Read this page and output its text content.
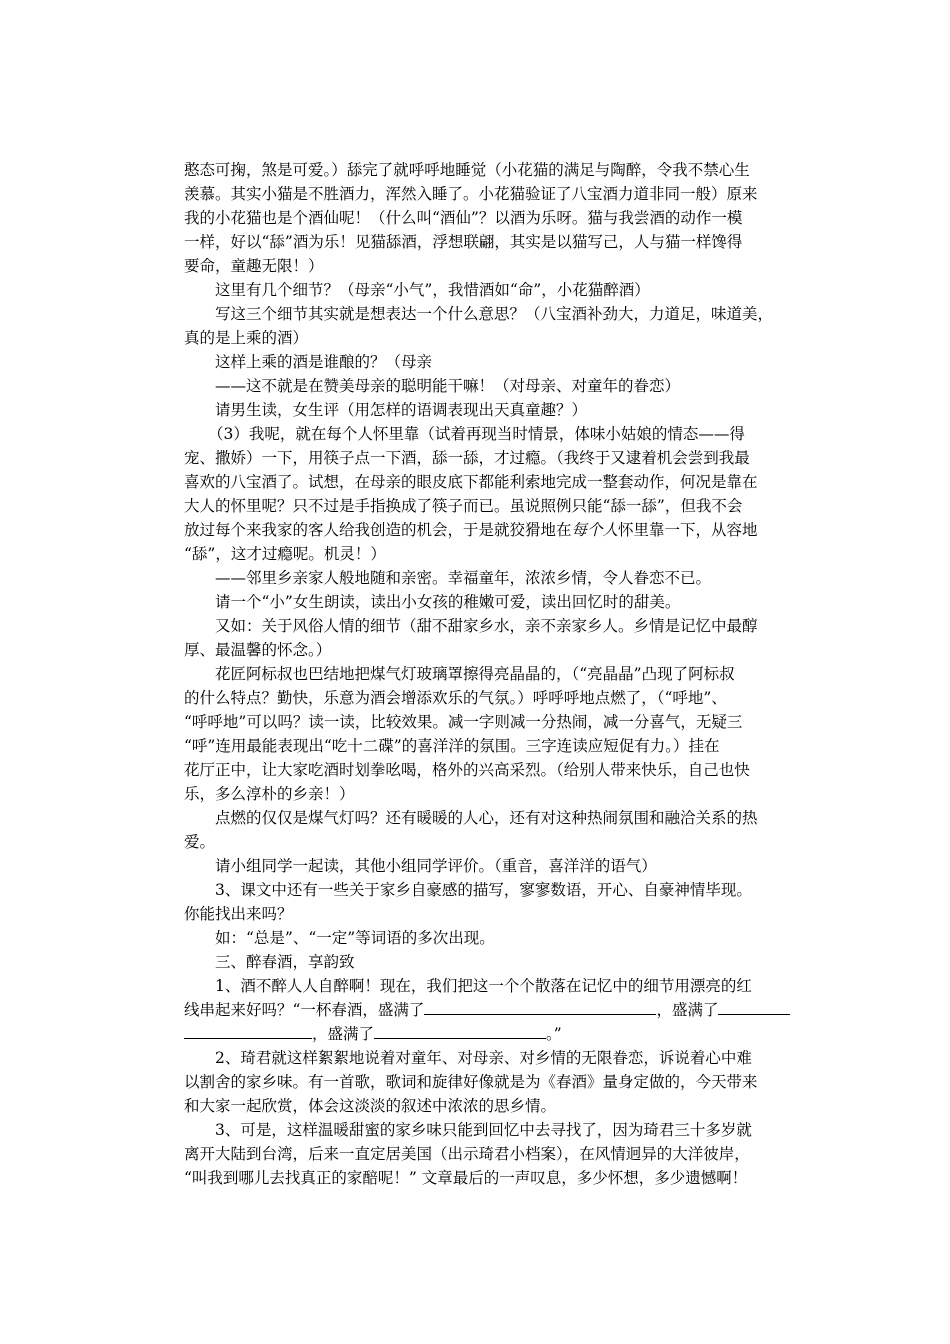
憨态可掬，煞是可爱。）舔完了就呼呼地睡觉（小花猫的满足与陶醉，令我不禁心生
羡慕。其实小猫是不胜酒力，浑然入睡了。小花猫验证了八宝酒力道非同一般）原来
我的小花猫也是个酒仙呢！（什么叫“酒仙”？以酒为乐呀。猫与我尝酒的动作一模
一样，好以“舔”酒为乐！见猫舔酒，浮想联翩，其实是以猫写己，人与猫一样馋得
要命，童趣无限！）
这里有几个细节？（母亲“小气”，我惜酒如“命”，小花猫醉酒）
写这三个细节其实就是想表达一个什么意思？（八宝酒补劲大，力道足，味道美，
真的是上乘的酒）
这样上乘的酒是谁酿的？（母亲
——这不就是在赞美母亲的聪明能干嘛！（对母亲、对童年的眷恋）
请男生读，女生评（用怎样的语调表现出天真童趣？）
（3）我呢，就在每个人怀里靠（试着再现当时情景，体味小姑娘的情态——得
宠、撒娇）一下，用筷子点一下酒，舔一舔，才过瘾。（我终于又逮着机会尝到我最
喜欢的八宝酒了。试想，在母亲的眼皮底下都能利索地完成一整套动作，何况是靠在
大人的怀里呢？只不过是手指换成了筷子而已。虽说照例只能“舔一舔”，但我不会
放过每个来我家的客人给我创造的机会，于是就狡猾地在每个人怀里靠一下，从容地
“舔”，这才过瘾呢。机灵！）
——邻里乡亲家人般地随和亲密。幸福童年，浓浓乡情，令人眷恋不已。
请一个“小”女生朗读，读出小女孩的稚嫩可爱，读出回忆时的甜美。
又如：关于风俗人情的细节（甜不甜家乡水，亲不亲家乡人。乡情是记忆中最醇
厚、最温馨的怀念。）
花匠阿标叔也巴结地把煤气灯玻璃罩擦得亮晶晶的，（“亮晶晶”凸现了阿标叔
的什么特点？勤快，乐意为酒会增添欢乐的气氛。）呼呼呼地点燃了，（“呼地”、
“呼呼地”可以吗？读一读，比较效果。减一字则减一分热闹，减一分喜气，无疑三
“呼”连用最能表现出“吃十二碟”的喜洋洋的氛围。三字连读应短促有力。）挂在
花厅正中，让大家吃酒时划拳吆喝，格外的兴高采烈。（给别人带来快乐，自己也快
乐，多么淳朴的乡亲！）
点燃的仅仅是煤气灯吗？还有暖暖的人心，还有对这种热闹氛围和融洽关系的热
爱。
请小组同学一起读，其他小组同学评价。（重音，喜洋洋的语气）
3、课文中还有一些关于家乡自豪感的描写，寥寥数语，开心、自豪神情毕现。
你能找出来吗？
如：“总是”、“一定”等词语的多次出现。
三、醉春酒，享韵致
1、酒不醉人人自醉啊！现在，我们把这一个个散落在记忆中的细节用漂亮的红
线串起来好吗？“一杯春酒，盛满了	，盛满了
，盛满了	。”
2、琦君就这样絮絮地说着对童年、对母亲、对乡情的无限眷恋，诉说着心中难
以割舍的家乡味。有一首歌，歌词和旋律好像就是为《春酒》量身定做的，今天带来
和大家一起欣赏，体会这淡淡的叙述中浓浓的思乡情。
3、可是，这样温暖甜蜜的家乡味只能到回忆中去寻找了，因为琦君三十多岁就
离开大陆到台湾，后来一直定居美国（出示琦君小档案），在风情迥异的大洋彼岸，
“叫我到哪儿去找真正的家醅呢！” 文章最后的一声叹息，多少怀想，多少遗憾啊！
